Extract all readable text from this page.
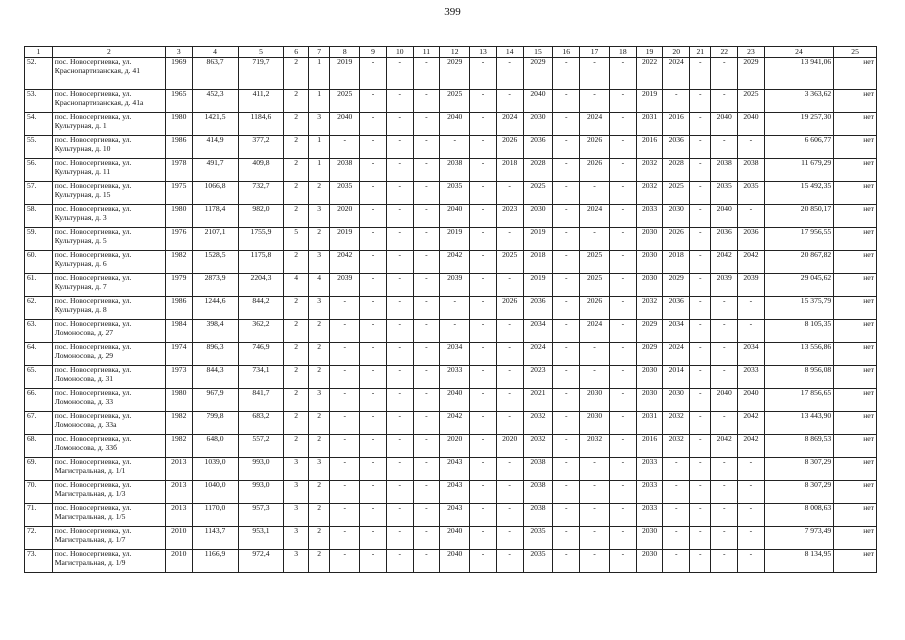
399
1	2	3	4	5	6	7	8	9	10	11	12	13	14	15	16	17	18	19	20	21	22	23	24	25
52.	пос. Новосергиевка, ул. Краснопартизанская, д. 41	1969	863,7	719,7	2	1	2019	-	-	-	2029	-	-	2029	-	-	-	2022	2024	-	-	2029	13 941,06	нет
53.	пос. Новосергиевка, ул. Краснопартизанская, д. 41а	1965	452,3	411,2	2	1	2025	-	-	-	2025	-	-	2040	-	-	-	2019	-	-	-	2025	3 363,62	нет
54.	пос. Новосергиевка, ул. Культурная, д. 1	1980	1421,5	1184,6	2	3	2040	-	-	-	2040	-	2024	2030	-	2024	-	2031	2016	-	2040	2040	19 257,30	нет
55.	пос. Новосергиевка, ул. Культурная, д. 10	1986	414,9	377,2	2	1	-	-	-	-	-	-	2026	2036	-	2026	-	2016	2036	-	-	-	6 606,77	нет
56.	пос. Новосергиевка, ул. Культурная, д. 11	1978	491,7	409,8	2	1	2038	-	-	-	2038	-	2018	2028	-	2026	-	2032	2028	-	2038	2038	11 679,29	нет
57.	пос. Новосергиевка, ул. Культурная, д. 15	1975	1066,8	732,7	2	2	2035	-	-	-	2035	-	-	2025	-	-	-	2032	2025	-	2035	2035	15 492,35	нет
58.	пос. Новосергиевка, ул. Культурная, д. 3	1980	1178,4	982,0	2	3	2020	-	-	-	2040	-	2023	2030	-	2024	-	2033	2030	-	2040	-	20 850,17	нет
59.	пос. Новосергиевка, ул. Культурная, д. 5	1976	2107,1	1755,9	5	2	2019	-	-	-	2019	-	-	2019	-	-	-	2030	2026	-	2036	2036	17 956,55	нет
60.	пос. Новосергиевка, ул. Культурная, д. 6	1982	1528,5	1175,8	2	3	2042	-	-	-	2042	-	2025	2018	-	2025	-	2030	2018	-	2042	2042	20 867,82	нет
61.	пос. Новосергиевка, ул. Культурная, д. 7	1979	2873,9	2204,3	4	4	2039	-	-	-	2039	-	-	2019	-	2025	-	2030	2029	-	2039	2039	29 045,62	нет
62.	пос. Новосергиевка, ул. Культурная, д. 8	1986	1244,6	844,2	2	3	-	-	-	-	-	-	2026	2036	-	2026	-	2032	2036	-	-	-	15 375,79	нет
63.	пос. Новосергиевка, ул. Ломоносова, д. 27	1984	398,4	362,2	2	2	-	-	-	-	-	-	-	2034	-	2024	-	2029	2034	-	-	-	8 105,35	нет
64.	пос. Новосергиевка, ул. Ломоносова, д. 29	1974	896,3	746,9	2	2	-	-	-	-	2034	-	-	2024	-	-	-	2029	2024	-	-	2034	13 556,86	нет
65.	пос. Новосергиевка, ул. Ломоносова, д. 31	1973	844,3	734,1	2	2	-	-	-	-	2033	-	-	2023	-	-	-	2030	2014	-	-	2033	8 956,08	нет
66.	пос. Новосергиевка, ул. Ломоносова, д. 33	1980	967,9	841,7	2	3	-	-	-	-	2040	-	-	2021	-	2030	-	2030	2030	-	2040	2040	17 856,65	нет
67.	пос. Новосергиевка, ул. Ломоносова, д. 33а	1982	799,8	683,2	2	2	-	-	-	-	2042	-	-	2032	-	2030	-	2031	2032	-	-	2042	13 443,90	нет
68.	пос. Новосергиевка, ул. Ломоносова, д. 33б	1982	648,0	557,2	2	2	-	-	-	-	2020	-	2020	2032	-	2032	-	2016	2032	-	2042	2042	8 869,53	нет
69.	пос. Новосергиевка, ул. Магистральная, д. 1/1	2013	1039,0	993,0	3	3	-	-	-	-	2043	-	-	2038	-	-	-	2033	-	-	-	-	8 307,29	нет
70.	пос. Новосергиевка, ул. Магистральная, д. 1/3	2013	1040,0	993,0	3	2	-	-	-	-	2043	-	-	2038	-	-	-	2033	-	-	-	-	8 307,29	нет
71.	пос. Новосергиевка, ул. Магистральная, д. 1/5	2013	1170,0	957,3	3	2	-	-	-	-	2043	-	-	2038	-	-	-	2033	-	-	-	-	8 008,63	нет
72.	пос. Новосергиевка, ул. Магистральная, д. 1/7	2010	1143,7	953,1	3	2	-	-	-	-	2040	-	-	2035	-	-	-	2030	-	-	-	-	7 973,49	нет
73.	пос. Новосергиевка, ул. Магистральная, д. 1/9	2010	1166,9	972,4	3	2	-	-	-	-	2040	-	-	2035	-	-	-	2030	-	-	-	-	8 134,95	нет
